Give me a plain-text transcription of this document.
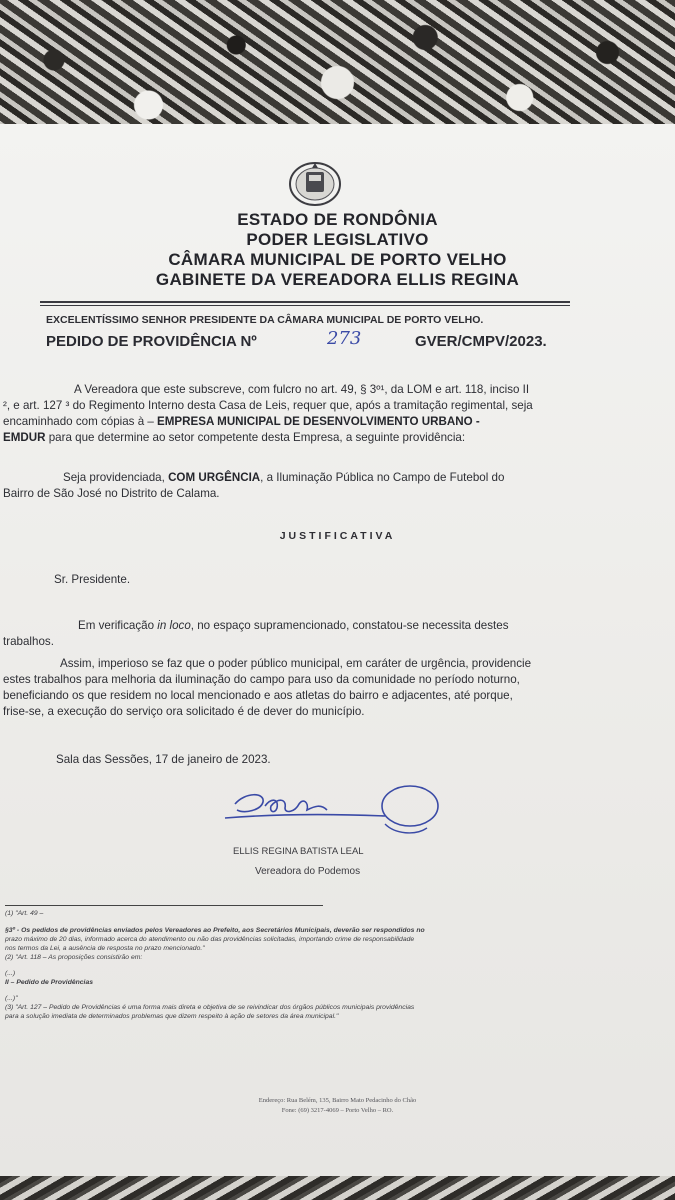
ESTADO DE RONDÔNIA
PODER LEGISLATIVO
CÂMARA MUNICIPAL DE PORTO VELHO
GABINETE DA VEREADORA ELLIS REGINA
EXCELENTÍSSIMO SENHOR PRESIDENTE DA CÂMARA MUNICIPAL DE PORTO VELHO.
PEDIDO DE PROVIDÊNCIA Nº	273	GVER/CMPV/2023.
A Vereadora que este subscreve, com fulcro no art. 49, § 3º¹, da LOM e art. 118, inciso II
², e art. 127 ³ do Regimento Interno desta Casa de Leis, requer que, após a tramitação regimental, seja
encaminhado com cópias à – EMPRESA MUNICIPAL DE DESENVOLVIMENTO URBANO -
EMDUR para que determine ao setor competente desta Empresa, a seguinte providência:
Seja providenciada, COM URGÊNCIA, a Iluminação Pública no Campo de Futebol do
Bairro de São José no Distrito de Calama.
JUSTIFICATIVA
Sr. Presidente.
Em verificação in loco, no espaço supramencionado, constatou-se necessita destes
trabalhos.
Assim, imperioso se faz que o poder público municipal, em caráter de urgência, providencie
estes trabalhos para melhoria da iluminação do campo para uso da comunidade no período noturno,
beneficiando os que residem no local mencionado e aos atletas do bairro e adjacentes, até porque,
frise-se, a execução do serviço ora solicitado é de dever do município.
Sala das Sessões, 17 de janeiro de 2023.
ELLIS REGINA BATISTA LEAL
Vereadora do Podemos
(1) "Art. 49 –
§3º - Os pedidos de providências enviados pelos Vereadores ao Prefeito, aos Secretários Municipais, deverão ser respondidos no
prazo máximo de 20 dias, informado acerca do atendimento ou não das providências solicitadas, importando crime de responsabilidade
nos termos da Lei, a ausência de resposta no prazo mencionado."
(2) "Art. 118 – As proposições consistirão em:
(...)
II – Pedido de Providências
(...)"
(3) "Art. 127 – Pedido de Providências é uma forma mais direta e objetiva de se reivindicar dos órgãos públicos municipais providências
para a solução imediata de determinados problemas que dizem respeito à ação de setores da área municipal."
Endereço: Rua Belém, 135, Bairro Mato Pedacinho do Chão
Fone: (69) 3217-4069 – Porto Velho – RO.
